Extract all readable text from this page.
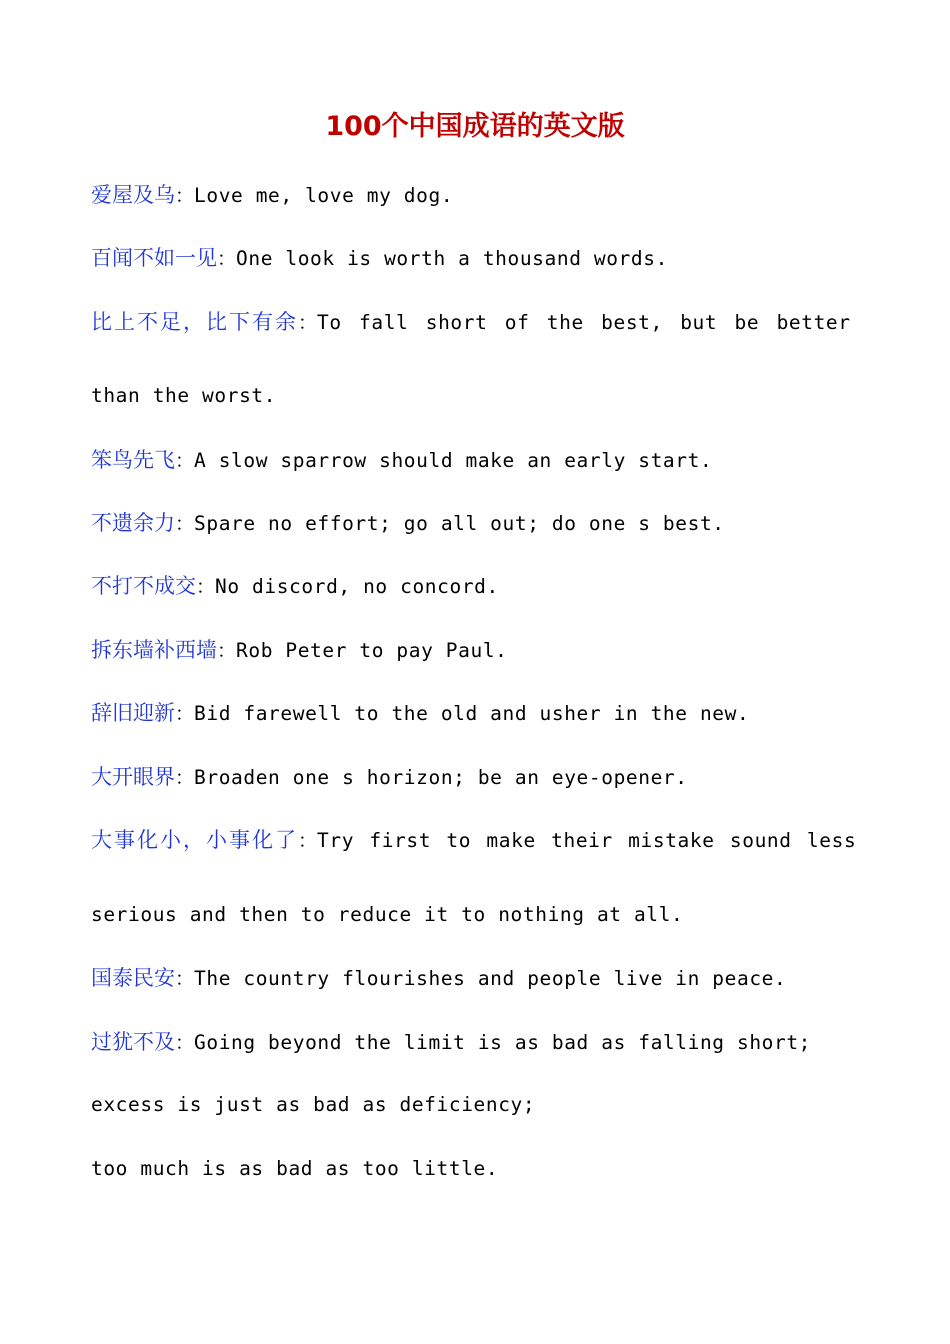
100个中国成语的英文版
爱屋及乌：Love me, love my dog.
百闻不如一见：One look is worth a thousand words.
比上不足，比下有余：To fall short of the best, but be better
than the worst.
笨鸟先飞：A slow sparrow should make an early start.
不遗余力：Spare no effort; go all out; do one s best.
不打不成交：No discord, no concord.
拆东墙补西墙：Rob Peter to pay Paul.
辞旧迎新：Bid farewell to the old and usher in the new.
大开眼界：Broaden one s horizon; be an eye-opener.
大事化小，小事化了：Try first to make their mistake sound less
serious and then to reduce it to nothing at all.
国泰民安：The country flourishes and people live in peace.
过犹不及：Going beyond the limit is as bad as falling short;
excess is just as bad as deficiency;
too much is as bad as too little.
